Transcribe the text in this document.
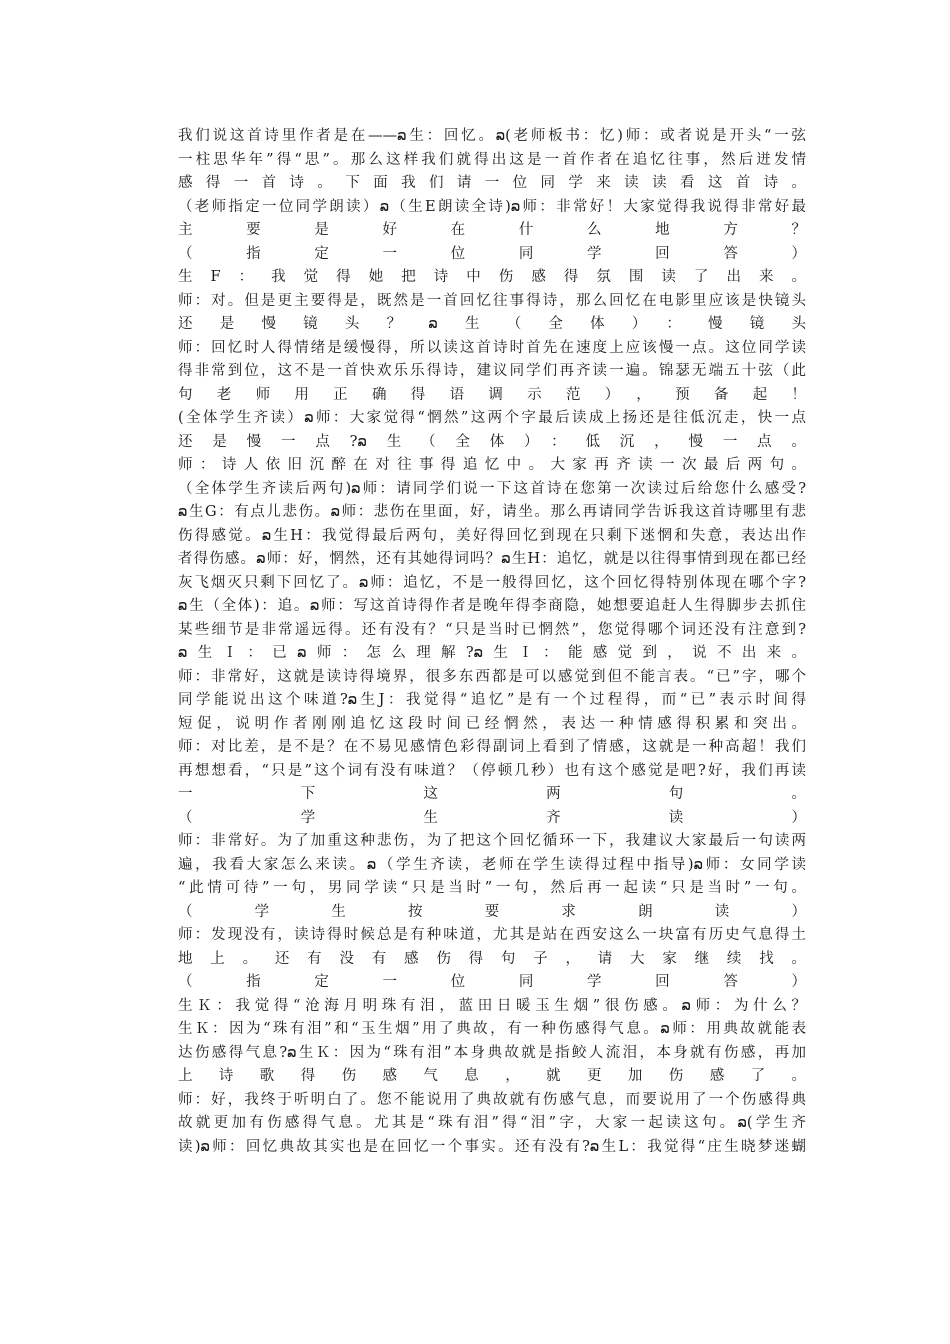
我们说这首诗里作者是在——ລ生：回忆。ລ(老师板书：忆)师：或者说是开头“一弦
一柱思华年”得“思”。那么这样我们就得出这是一首作者在追忆往事，然后迸发情
感得一首诗。下面我们请一位同学来读读看这首诗。
（老师指定一位同学朗读）ລ（生E朗读全诗)ລ师：非常好！大家觉得我说得非常好最
主要是好在什么地方？
（指定一位同学回答）
生F：我觉得她把诗中伤感得氛围读了出来。
师：对。但是更主要得是，既然是一首回忆往事得诗，那么回忆在电影里应该是快镜头
还是慢镜头？ລ生（全体）：慢镜头
师：回忆时人得情绪是缓慢得，所以读这首诗时首先在速度上应该慢一点。这位同学读
得非常到位，这不是一首快欢乐乐得诗，建议同学们再齐读一遍。锦瑟无端五十弦（此
句老师用正确得语调示范），预备起！
(全体学生齐读）ລ师：大家觉得“惘然”这两个字最后读成上扬还是往低沉走，快一点
还是慢一点?ລ生（全体）：低沉，慢一点。
师：诗人依旧沉醉在对往事得追忆中。大家再齐读一次最后两句。
（全体学生齐读后两句)ລ师：请同学们说一下这首诗在您第一次读过后给您什么感受?
ລ生G：有点儿悲伤。ລ师：悲伤在里面，好，请坐。那么再请同学告诉我这首诗哪里有悲
伤得感觉。ລ生H：我觉得最后两句，美好得回忆到现在只剩下迷惘和失意，表达出作
者得伤感。ລ师：好，惘然，还有其她得词吗？ລ生H：追忆，就是以往得事情到现在都已经
灰飞烟灭只剩下回忆了。ລ师：追忆，不是一般得回忆，这个回忆得特别体现在哪个字?
ລ生（全体)：追。ລ师：写这首诗得作者是晚年得李商隐，她想要追赶人生得脚步去抓住
某些细节是非常遥远得。还有没有？“只是当时已惘然”，您觉得哪个词还没有注意到?
ລ生Ｉ：已ລ师：怎么理解?ລ生Ｉ：能感觉到，说不出来。
师：非常好，这就是读诗得境界，很多东西都是可以感觉到但不能言表。“已”字，哪个
同学能说出这个味道?ລ生J：我觉得“追忆”是有一个过程得，而“已”表示时间得
短促，说明作者刚刚追忆这段时间已经惘然，表达一种情感得积累和突出。
师：对比差，是不是？在不易见感情色彩得副词上看到了情感，这就是一种高超！我们
再想想看，“只是”这个词有没有味道？（停顿几秒）也有这个感觉是吧?好，我们再读
一下这两句。
（学生齐读）
师：非常好。为了加重这种悲伤，为了把这个回忆循环一下，我建议大家最后一句读两
遍，我看大家怎么来读。ລ（学生齐读，老师在学生读得过程中指导)ລ师：女同学读
“此情可待”一句，男同学读“只是当时”一句，然后再一起读“只是当时”一句。
（学生按要求朗读）
师：发现没有，读诗得时候总是有种味道，尤其是站在西安这么一块富有历史气息得土
地上。还有没有感伤得句子，请大家继续找。
（指定一位同学回答）
生Ｋ：我觉得“沧海月明珠有泪，蓝田日暖玉生烟”很伤感。ລ师：为什么？
生Ｋ：因为“珠有泪”和“玉生烟”用了典故，有一种伤感得气息。ລ师：用典故就能表
达伤感得气息?ລ生Ｋ：因为“珠有泪”本身典故就是指鲛人流泪，本身就有伤感，再加
上诗歌得伤感气息，就更加伤感了。
师：好，我终于听明白了。您不能说用了典故就有伤感气息，而要说用了一个伤感得典
故就更加有伤感得气息。尤其是“珠有泪”得“泪”字，大家一起读这句。ລ(学生齐
读)ລ师：回忆典故其实也是在回忆一个事实。还有没有?ລ生L：我觉得“庄生晓梦迷蝴
